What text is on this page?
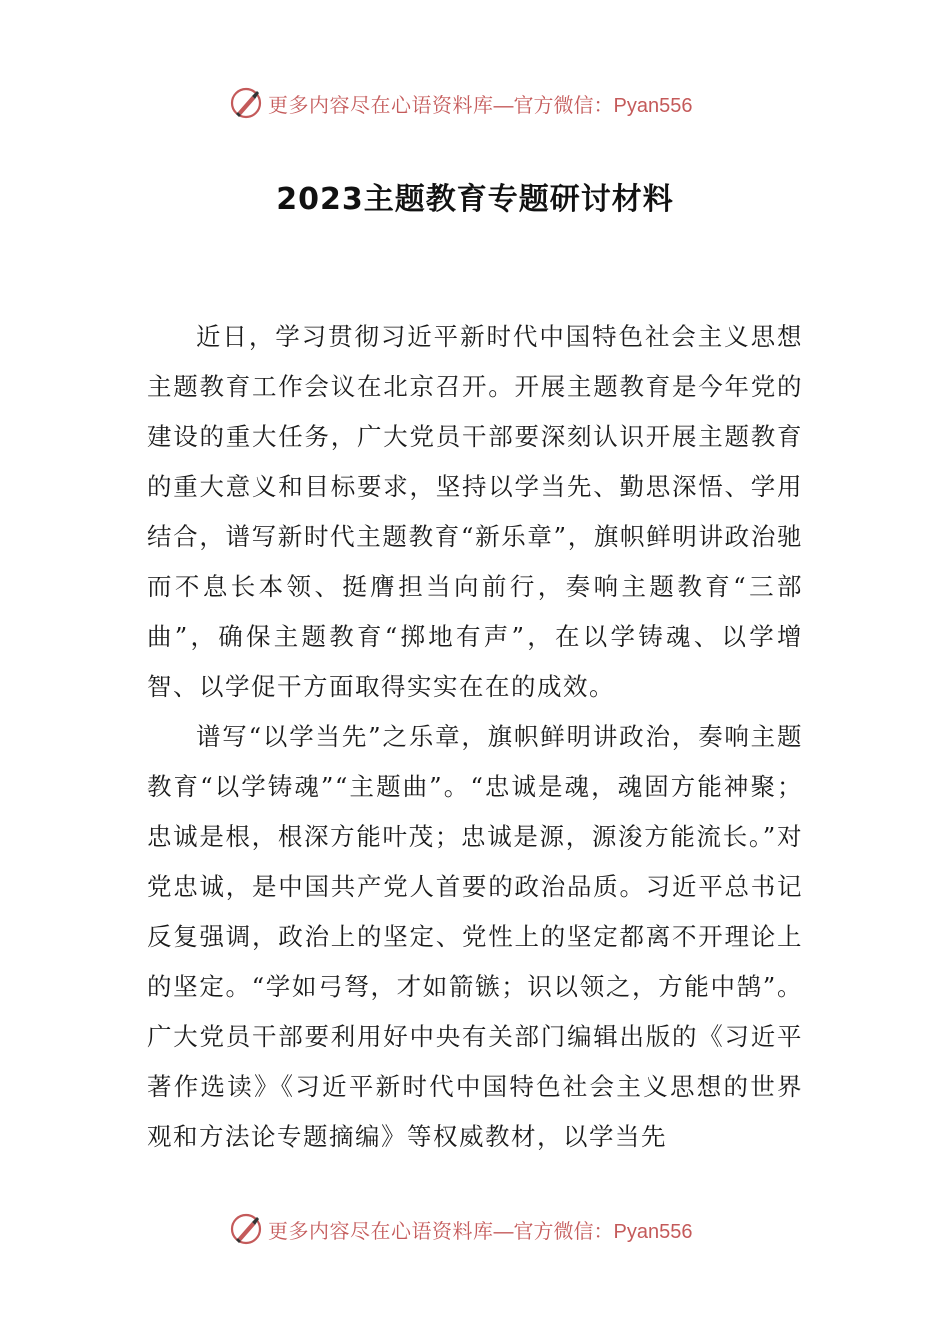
更多内容尽在心语资料库 —官方微信：Pyan556
2023主题教育专题研讨材料

近日，学习贯彻习近平新时代中国特色社会主义思想主题教育工作会议在北京召开。开展主题教育是今年党的建设的重大任务，广大党员干部要深刻认识开展主题教育的重大意义和目标要求，坚持以学当先、勤思深悟、学用结合，谱写新时代主题教育“新乐章”，旗帜鲜明讲政治驰而不息长本领、挺膺担当向前行，奏响主题教育“三部曲”，确保主题教育“掷地有声”，在以学铸魂、以学增智、以学促干方面取得实实在在的成效。

谱写“以学当先”之乐章，旗帜鲜明讲政治，奏响主题教育“以学铸魂”“主题曲”。“忠诚是魂，魂固方能神聚；忠诚是根，根深方能叶茂；忠诚是源，源浚方能流长。”对党忠诚，是中国共产党人首要的政治品质。习近平总书记反复强调，政治上的坚定、党性上的坚定都离不开理论上的坚定。“学如弓弩，才如箭镞；识以领之，方能中鹄”。广大党员干部要利用好中央有关部门编辑出版的《习近平著作选读》《习近平新时代中国特色社会主义思想的世界观和方法论专题摘编》等权威教材，以学当先

更多内容尽在心语资料库 —官方微信：Pyan556
